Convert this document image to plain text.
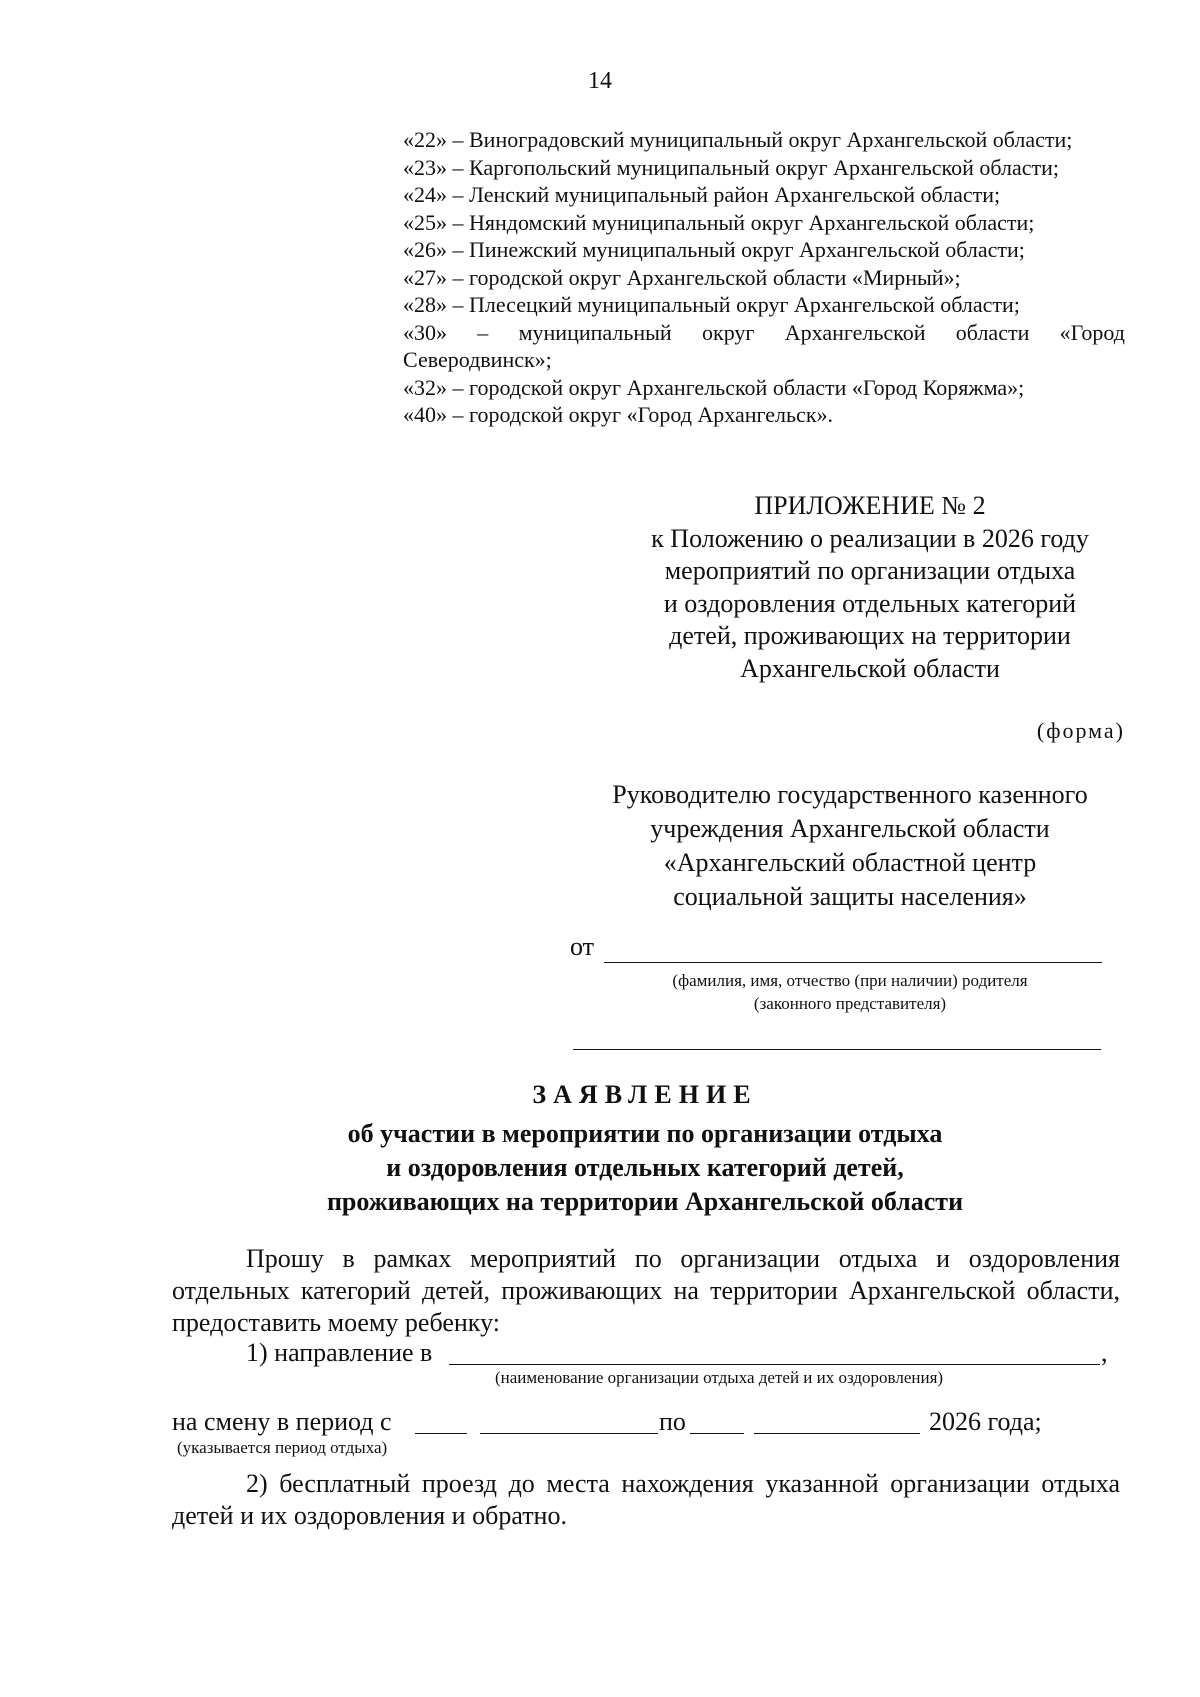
14
«22» – Виноградовский муниципальный округ Архангельской области;
«23» – Каргопольский муниципальный округ Архангельской области;
«24» – Ленский муниципальный район Архангельской области;
«25» – Няндомский муниципальный округ Архангельской области;
«26» – Пинежский муниципальный округ Архангельской области;
«27» – городской округ Архангельской области «Мирный»;
«28» – Плесецкий муниципальный округ Архангельской области;
«30» – муниципальный округ Архангельской области «Город
Северодвинск»;
«32» – городской округ Архангельской области «Город Коряжма»;
«40» – городской округ «Город Архангельск».
ПРИЛОЖЕНИЕ № 2
к Положению о реализации в 2026 году
мероприятий по организации отдыха
и оздоровления отдельных категорий
детей, проживающих на территории
Архангельской области
(форма)
Руководителю государственного казенного
учреждения Архангельской области
«Архангельский областной центр
социальной защиты населения»
от
(фамилия, имя, отчество (при наличии) родителя
(законного представителя)
ЗАЯВЛЕНИЕ
об участии в мероприятии по организации отдыха
и оздоровления отдельных категорий детей,
проживающих на территории Архангельской области
Прошу в рамках мероприятий по организации отдыха и оздоровления отдельных категорий детей, проживающих на территории Архангельской области, предоставить моему ребенку:
1) направление в	,
(наименование организации отдыха детей и их оздоровления)
на смену в период с	по	2026 года;
(указывается период отдыха)
2) бесплатный проезд до места нахождения указанной организации отдыха детей и их оздоровления и обратно.
